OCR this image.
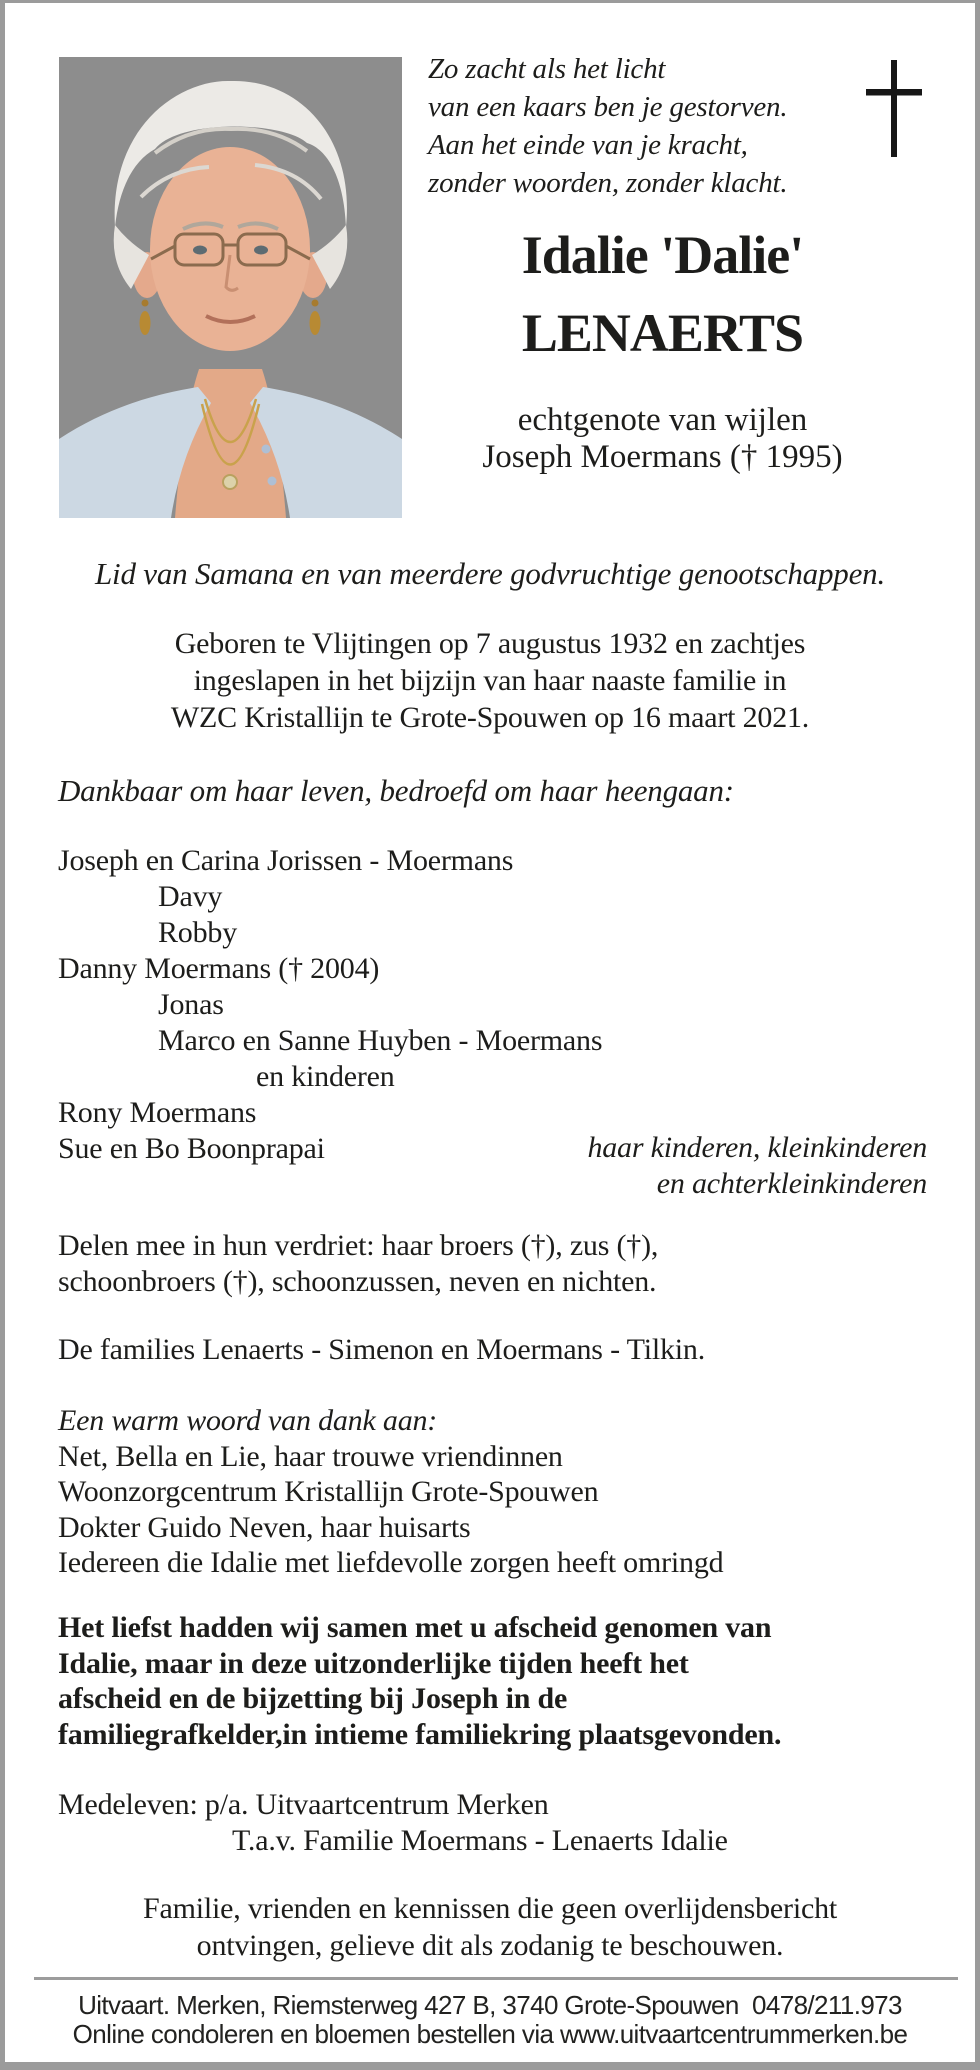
Zo zacht als het licht
van een kaars ben je gestorven.
Aan het einde van je kracht,
zonder woorden, zonder klacht.
Idalie 'Dalie'
LENAERTS
echtgenote van wijlen
Joseph Moermans († 1995)
Lid van Samana en van meerdere godvruchtige genootschappen.
Geboren te Vlijtingen op 7 augustus 1932 en zachtjes
ingeslapen in het bijzijn van haar naaste familie in
WZC Kristallijn te Grote-Spouwen op 16 maart 2021.
Dankbaar om haar leven, bedroefd om haar heengaan:
Joseph en Carina Jorissen - Moermans
Davy
Robby
Danny Moermans († 2004)
Jonas
Marco en Sanne Huyben - Moermans
en kinderen
Rony Moermans
Sue en Bo Boonprapai	haar kinderen, kleinkinderen
en achterkleinkinderen
Delen mee in hun verdriet: haar broers (†), zus (†),
schoonbroers (†), schoonzussen, neven en nichten.
De families Lenaerts - Simenon en Moermans - Tilkin.
Een warm woord van dank aan:
Net, Bella en Lie, haar trouwe vriendinnen
Woonzorgcentrum Kristallijn Grote-Spouwen
Dokter Guido Neven, haar huisarts
Iedereen die Idalie met liefdevolle zorgen heeft omringd
Het liefst hadden wij samen met u afscheid genomen van
Idalie, maar in deze uitzonderlijke tijden heeft het
afscheid en de bijzetting bij Joseph in de
familiegrafkelder,in intieme familiekring plaatsgevonden.
Medeleven: p/a. Uitvaartcentrum Merken
T.a.v. Familie Moermans - Lenaerts Idalie
Familie, vrienden en kennissen die geen overlijdensbericht
ontvingen, gelieve dit als zodanig te beschouwen.
Uitvaart. Merken, Riemsterweg 427 B, 3740 Grote-Spouwen  0478/211.973
Online condoleren en bloemen bestellen via www.uitvaartcentrummerken.be
